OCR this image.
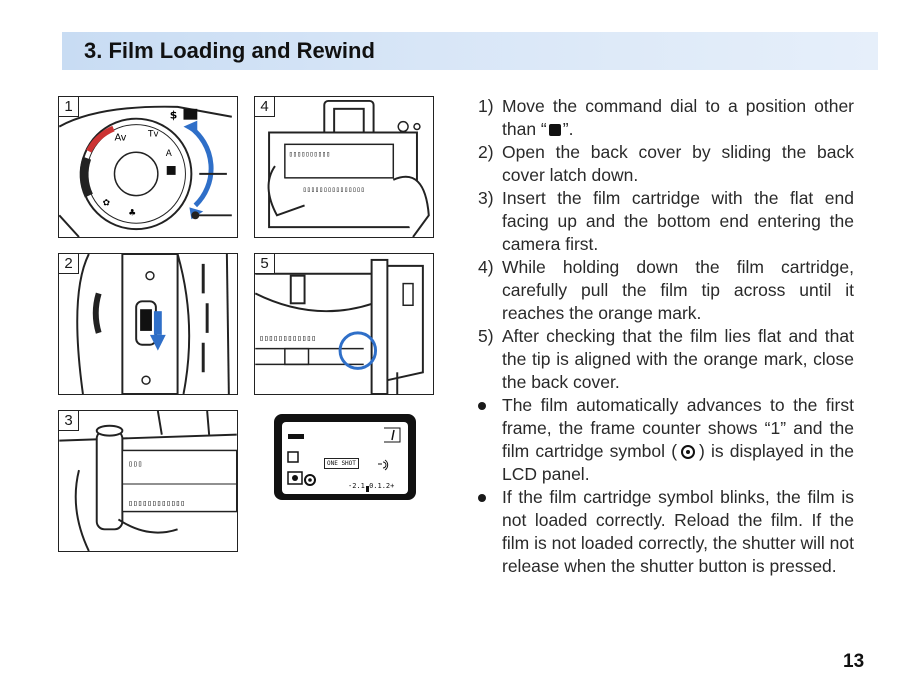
3. Film Loading and Rewind
1
Av Tv
A
✿
♣
$
2
3
▯▯▯
▯▯▯▯▯▯▯▯▯▯▯▯
4
▯▯▯▯▯▯▯▯▯▯
▯▯▯▯▯▯▯▯▯▯▯▯▯▯▯
5
▯▯▯▯▯▯▯▯▯▯▯▯
ONE SHOT
-2.1.0.1.2+
1) Move the command dial to a position other than “ ”.
2) Open the back cover by sliding the back cover latch down.
3) Insert the film cartridge with the flat end facing up and the bottom end entering the camera first.
4) While holding down the film cartridge, carefully pull the film tip across until it reaches the orange mark.
5) After checking that the film lies flat and that the tip is aligned with the orange mark, close the back cover.
The film automatically advances to the first frame, the frame counter shows “1” and the film cartridge symbol ( ) is displayed in the LCD panel.
If the film cartridge symbol blinks, the film is not loaded correctly. Reload the film. If the film is not loaded correctly, the shutter will not release when the shutter button is pressed.
13
